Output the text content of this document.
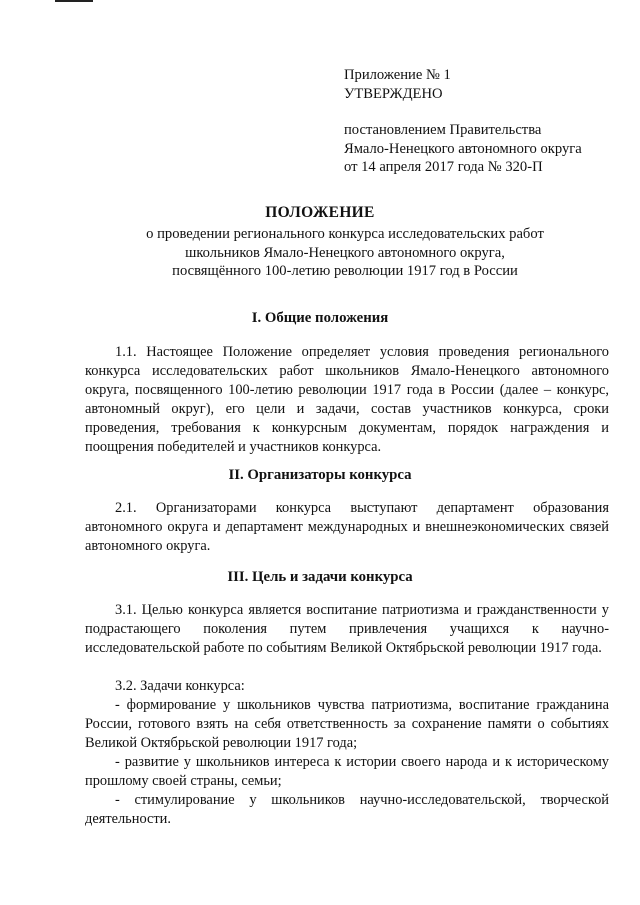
Приложение № 1
УТВЕРЖДЕНО
постановлением Правительства
Ямало-Ненецкого автономного округа
от 14 апреля 2017 года № 320-П
ПОЛОЖЕНИЕ
о проведении регионального конкурса исследовательских работ
школьников Ямало-Ненецкого автономного округа,
посвящённого 100-летию революции 1917 год в России
I. Общие положения
1.1. Настоящее Положение определяет условия проведения регионального конкурса исследовательских работ школьников Ямало-Ненецкого автономного округа, посвященного 100-летию революции 1917 года в России (далее – конкурс, автономный округ), его цели и задачи, состав участников конкурса, сроки проведения, требования к конкурсным документам, порядок награждения и поощрения победителей и участников конкурса.
II. Организаторы конкурса
2.1. Организаторами конкурса выступают департамент образования автономного округа и департамент международных и внешнеэкономических связей автономного округа.
III. Цель и задачи конкурса
3.1. Целью конкурса является воспитание патриотизма и гражданственности у подрастающего поколения путем привлечения учащихся к научно-исследовательской работе по событиям Великой Октябрьской революции 1917 года.
3.2. Задачи конкурса:
- формирование у школьников чувства патриотизма, воспитание гражданина России, готового взять на себя ответственность за сохранение памяти о событиях Великой Октябрьской революции 1917 года;
- развитие у школьников интереса к истории своего народа и к историческому прошлому своей страны, семьи;
- стимулирование у школьников научно-исследовательской, творческой деятельности.
